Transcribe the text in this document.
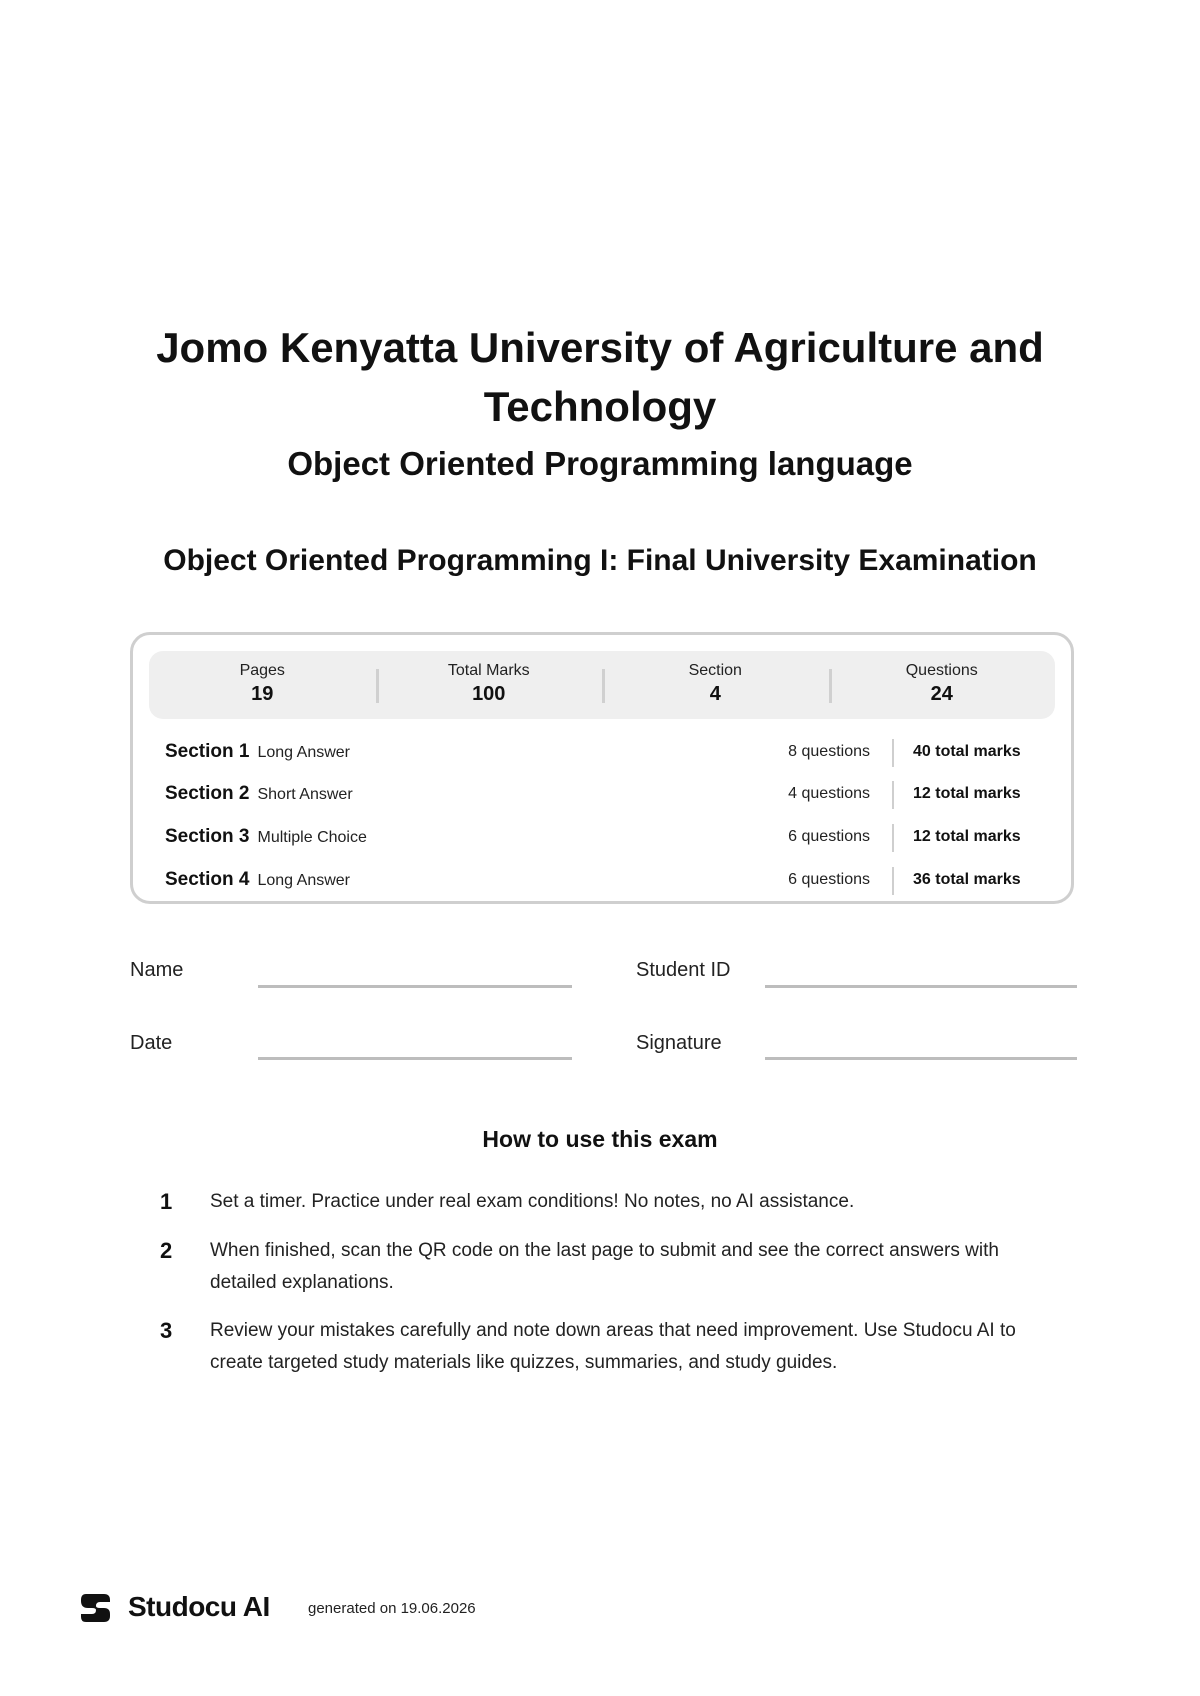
Jomo Kenyatta University of Agriculture and Technology
Object Oriented Programming language
Object Oriented Programming I: Final University Examination
Pages
19
Total Marks
100
Section
4
Questions
24
Section 1 Long Answer	8 questions	40 total marks
Section 2 Short Answer	4 questions	12 total marks
Section 3 Multiple Choice	6 questions	12 total marks
Section 4 Long Answer	6 questions	36 total marks
Name	Student ID
Date	Signature
How to use this exam
1 Set a timer. Practice under real exam conditions! No notes, no AI assistance.
2 When finished, scan the QR code on the last page to submit and see the correct answers with detailed explanations.
3 Review your mistakes carefully and note down areas that need improvement. Use Studocu AI to create targeted study materials like quizzes, summaries, and study guides.
Studocu AI	generated on 19.06.2026
